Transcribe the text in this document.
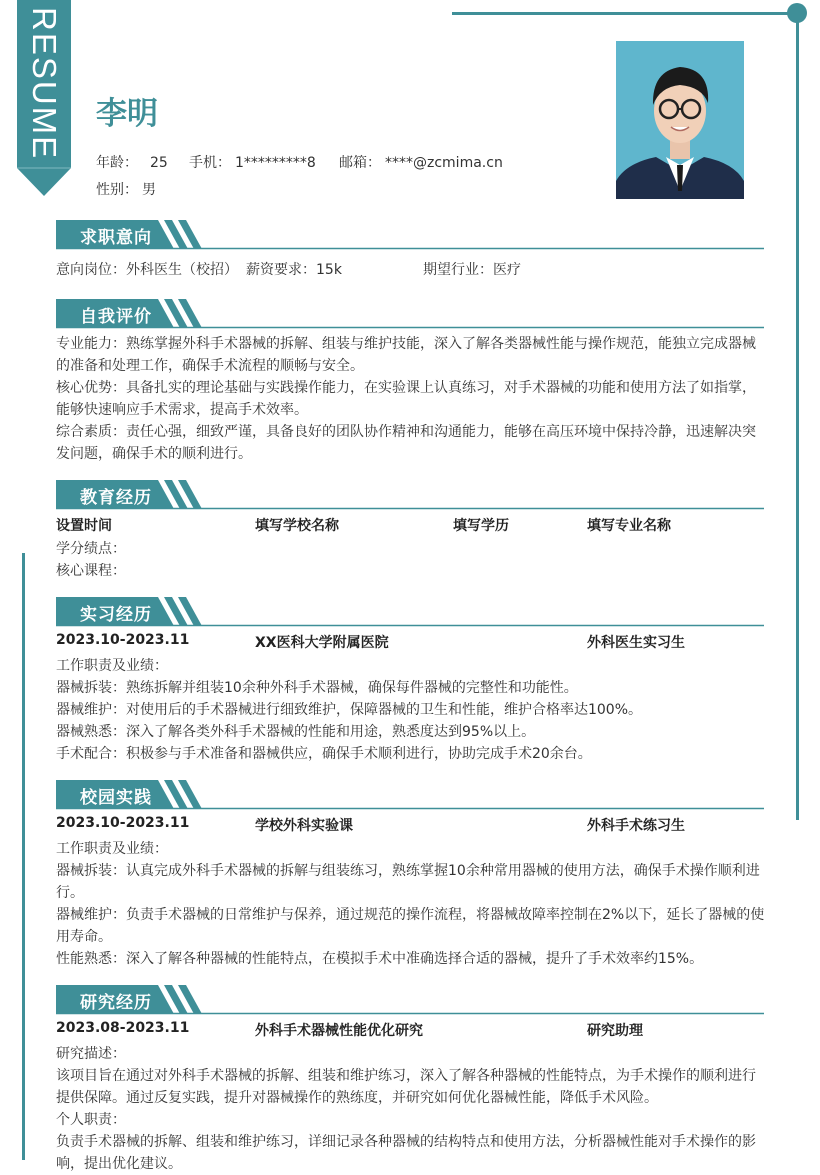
RESUME 李明
年龄： 25 手机： 1*********8 邮箱： ****@zcmima.cn
性别： 男
求职意向
意向岗位：外科医生（校招） 薪资要求：15k	期望行业：医疗
自我评价
专业能力：熟练掌握外科手术器械的拆解、组装与维护技能，深入了解各类器械性能与操作规范，能独立完成器械的准备和处理工作，确保手术流程的顺畅与安全。
核心优势：具备扎实的理论基础与实践操作能力，在实验课上认真练习，对手术器械的功能和使用方法了如指掌，能够快速响应手术需求，提高手术效率。
综合素质：责任心强，细致严谨，具备良好的团队协作精神和沟通能力，能够在高压环境中保持冷静，迅速解决突发问题，确保手术的顺利进行。
教育经历
设置时间	填写学校名称	填写学历	填写专业名称
学分绩点：
核心课程：
实习经历
2023.10-2023.11	XX医科大学附属医院	外科医生实习生
工作职责及业绩：
器械拆装：熟练拆解并组装10余种外科手术器械，确保每件器械的完整性和功能性。
器械维护：对使用后的手术器械进行细致维护，保障器械的卫生和性能，维护合格率达100%。
器械熟悉：深入了解各类外科手术器械的性能和用途，熟悉度达到95%以上。
手术配合：积极参与手术准备和器械供应，确保手术顺利进行，协助完成手术20余台。
校园实践
2023.10-2023.11	学校外科实验课	外科手术练习生
工作职责及业绩：
器械拆装：认真完成外科手术器械的拆解与组装练习，熟练掌握10余种常用器械的使用方法，确保手术操作顺利进行。
器械维护：负责手术器械的日常维护与保养，通过规范的操作流程，将器械故障率控制在2%以下，延长了器械的使用寿命。
性能熟悉：深入了解各种器械的性能特点，在模拟手术中准确选择合适的器械，提升了手术效率约15%。
研究经历
2023.08-2023.11	外科手术器械性能优化研究	研究助理
研究描述：
该项目旨在通过对外科手术器械的拆解、组装和维护练习，深入了解各种器械的性能特点，为手术操作的顺利进行提供保障。通过反复实践，提升对器械操作的熟练度，并研究如何优化器械性能，降低手术风险。
个人职责：
负责手术器械的拆解、组装和维护练习，详细记录各种器械的结构特点和使用方法，分析器械性能对手术操作的影响，提出优化建议。
